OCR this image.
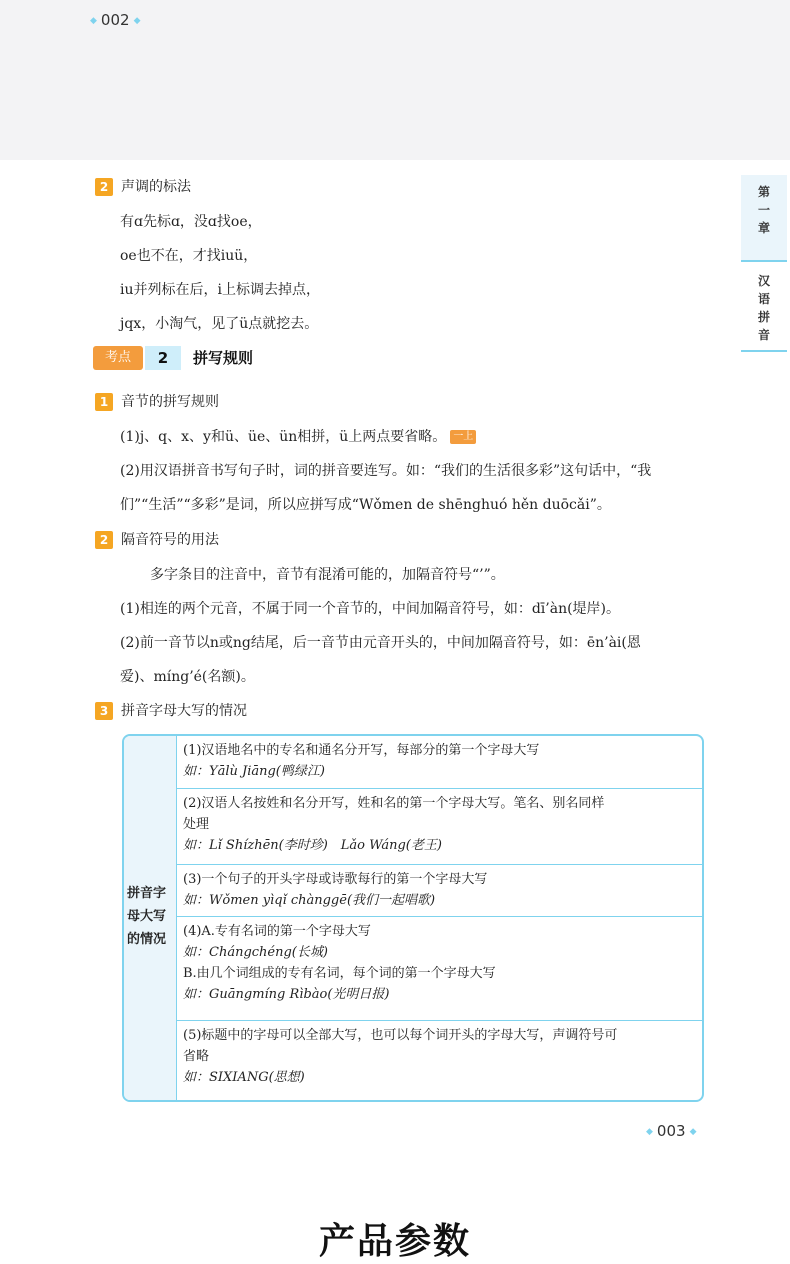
◆ 002 ◆
第
一
章
汉
语
拼
音
2 声调的标法
有ɑ先标ɑ，没ɑ找oe，
oe也不在，才找iuü，
iu并列标在后，i上标调去掉点，
jqx，小淘气，见了ü点就挖去。
考点	2	拼写规则
1 音节的拼写规则
(1)j、q、x、y和ü、üe、ün相拼，ü上两点要省略。 一上
(2)用汉语拼音书写句子时，词的拼音要连写。如：“我们的生活很多彩”这句话中，“我
们”“生活”“多彩”是词，所以应拼写成“Wǒmen de shēnghuó hěn duōcǎi”。
2 隔音符号的用法
多字条目的注音中，音节有混淆可能的，加隔音符号“’”。
(1)相连的两个元音，不属于同一个音节的，中间加隔音符号，如：dī’àn(堤岸)。
(2)前一音节以n或ng结尾，后一音节由元音开头的，中间加隔音符号，如：ēn’ài(恩
爱)、míng’é(名额)。
3 拼音字母大写的情况
拼音字
母大写
的情况
(1)汉语地名中的专名和通名分开写，每部分的第一个字母大写
如：Yālù Jiāng(鸭绿江)
(2)汉语人名按姓和名分开写，姓和名的第一个字母大写。笔名、别名同样
处理
如：Lǐ Shízhēn(李时珍)　Lǎo Wáng(老王)
(3)一个句子的开头字母或诗歌每行的第一个字母大写
如：Wǒmen yìqǐ chànggē(我们一起唱歌)
(4)A.专有名词的第一个字母大写
如：Chángchéng(长城)
B.由几个词组成的专有名词，每个词的第一个字母大写
如：Guāngmíng Rìbào(光明日报)
(5)标题中的字母可以全部大写，也可以每个词开头的字母大写，声调符号可
省略
如：SIXIANG(思想)
◆ 003 ◆
产品参数
